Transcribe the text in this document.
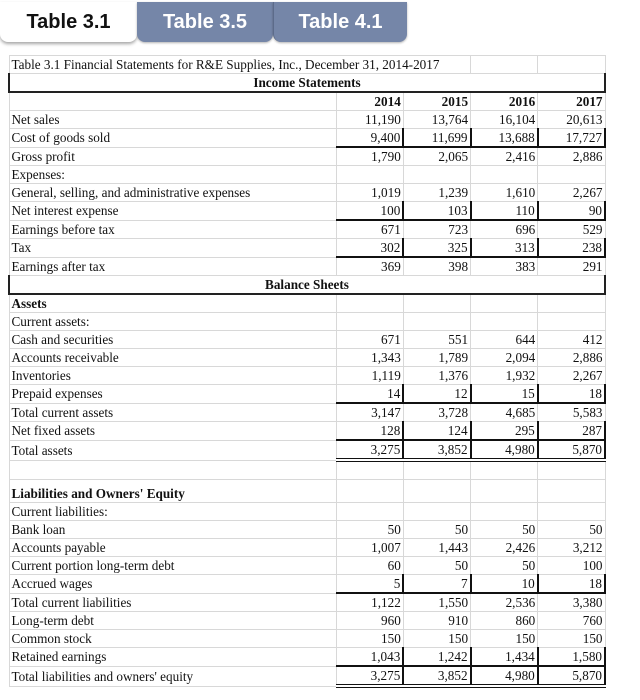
Table 3.1	Table 3.5	Table 4.1
Table 3.1 Financial Statements for R&E Supplies, Inc., December 31, 2014-2017				
Income Statements				
	2014	2015	2016	2017
Net sales	11,190	13,764	16,104	20,613
Cost of goods sold	9,400	11,699	13,688	17,727
Gross profit	1,790	2,065	2,416	2,886
Expenses:				
General, selling, and administrative expenses	1,019	1,239	1,610	2,267
Net interest expense	100	103	110	90
Earnings before tax	671	723	696	529
Tax	302	325	313	238
Earnings after tax	369	398	383	291
Balance Sheets				
Assets				
Current assets:				
Cash and securities	671	551	644	412
Accounts receivable	1,343	1,789	2,094	2,886
Inventories	1,119	1,376	1,932	2,267
Prepaid expenses	14	12	15	18
Total current assets	3,147	3,728	4,685	5,583
Net fixed assets	128	124	295	287
Total assets	3,275	3,852	4,980	5,870

Liabilities and Owners' Equity				
Current liabilities:				
Bank loan	50	50	50	50
Accounts payable	1,007	1,443	2,426	3,212
Current portion long-term debt	60	50	50	100
Accrued wages	5	7	10	18
Total current liabilities	1,122	1,550	2,536	3,380
Long-term debt	960	910	860	760
Common stock	150	150	150	150
Retained earnings	1,043	1,242	1,434	1,580
Total liabilities and owners' equity	3,275	3,852	4,980	5,870
